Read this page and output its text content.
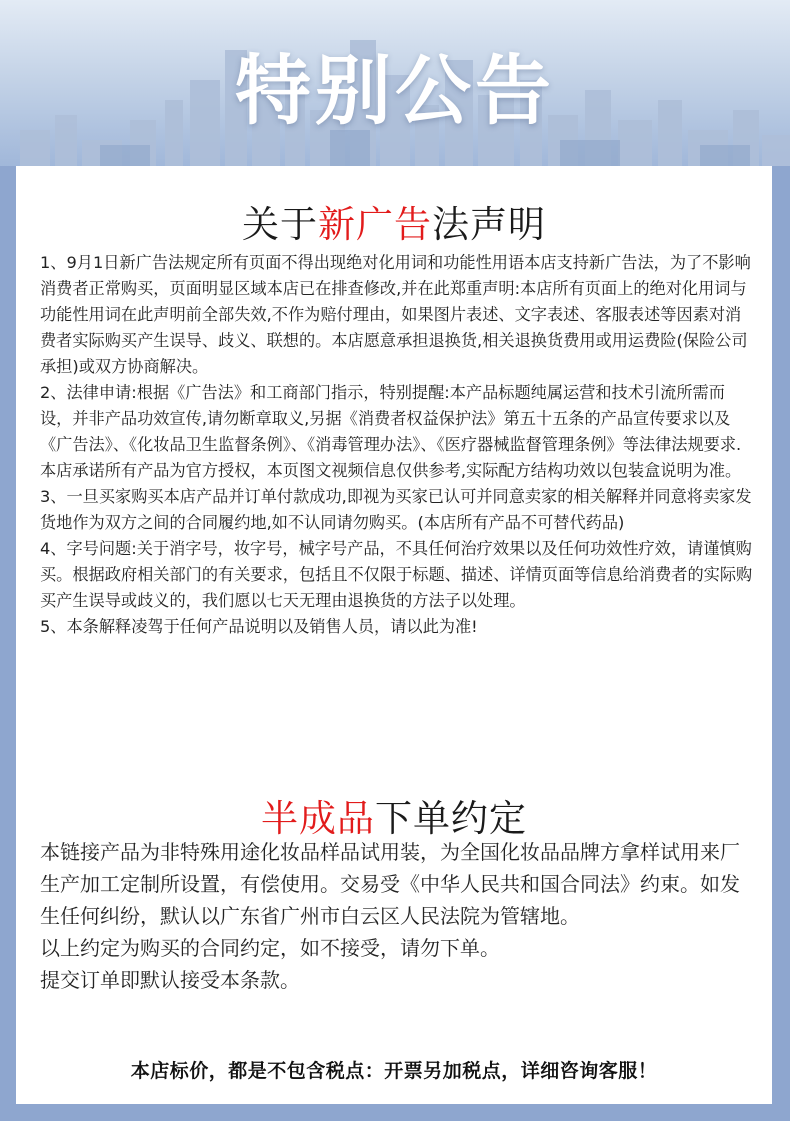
特别公告
关于新广告法声明

1、9月1日新广告法规定所有页面不得出现绝对化用词和功能性用语本店支持新广告法，为了不影响消费者正常购买，页面明显区域本店已在排查修改,并在此郑重声明:本店所有页面上的绝对化用词与功能性用词在此声明前全部失效,不作为赔付理由，如果图片表述、文字表述、客服表述等因素对消费者实际购买产生误导、歧义、联想的。本店愿意承担退换货,相关退换货费用或用运费险(保险公司承担)或双方协商解决。

2、法律申请:根据《广告法》和工商部门指示，特别提醒:本产品标题纯属运营和技术引流所需而设，并非产品功效宣传,请勿断章取义,另据《消费者权益保护法》第五十五条的产品宣传要求以及《广告法》、《化妆品卫生监督条例》、《消毒管理办法》、《医疗器械监督管理条例》等法律法规要求.本店承诺所有产品为官方授权，本页图文视频信息仅供参考,实际配方结构功效以包装盒说明为准。

3、一旦买家购买本店产品并订单付款成功,即视为买家已认可并同意卖家的相关解释并同意将卖家发货地作为双方之间的合同履约地,如不认同请勿购买。(本店所有产品不可替代药品)

4、字号问题:关于消字号，妆字号，械字号产品，不具任何治疗效果以及任何功效性疗效，请谨慎购买。根据政府相关部门的有关要求，包括且不仅限于标题、描述、详情页面等信息给消费者的实际购买产生误导或歧义的，我们愿以七天无理由退换货的方法子以处理。

5、本条解释凌驾于任何产品说明以及销售人员，请以此为准!

半成品下单约定

本链接产品为非特殊用途化妆品样品试用装，为全国化妆品品牌方拿样试用来厂生产加工定制所设置，有偿使用。交易受《中华人民共和国合同法》约束。如发生任何纠纷，默认以广东省广州市白云区人民法院为管辖地。

以上约定为购买的合同约定，如不接受，请勿下单。

提交订单即默认接受本条款。

本店标价，都是不包含税点：开票另加税点，详细咨询客服！
